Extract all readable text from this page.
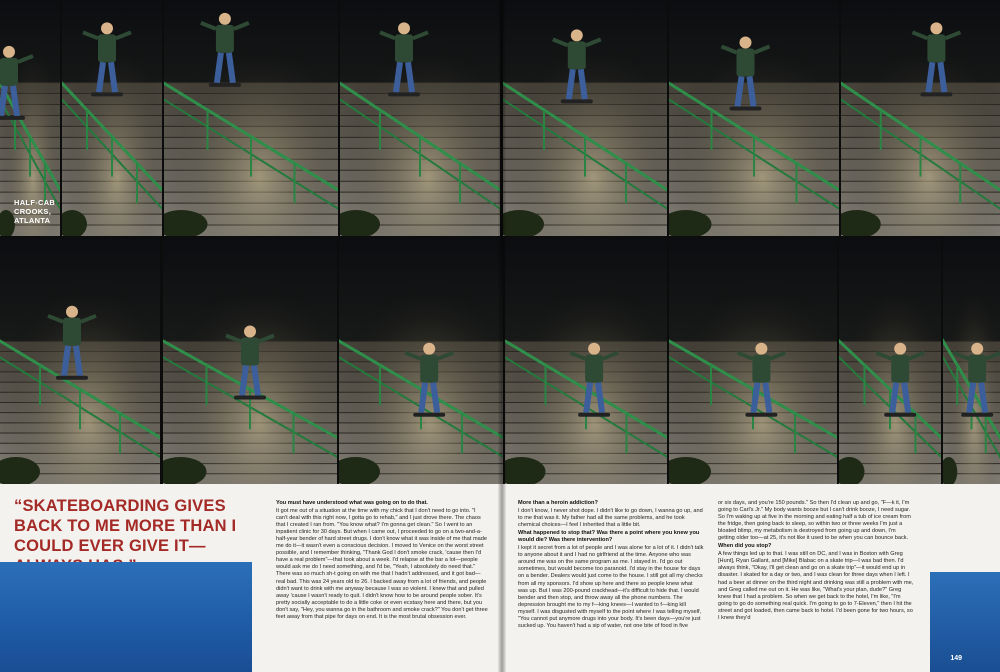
HALF-CAB
CROOKS,
ATLANTA
“SKATEBOARDING GIVES BACK TO ME MORE THAN I COULD EVER GIVE IT—

You must have understood what was going on to do that.

It got me out of a situation at the time with my chick that I don't need to go into. "I can't deal with this right now, I gotta go to rehab," and I just drove there. The chaos that I created I ran from. "You know what? I'm gonna get clean." So I went to an inpatient clinic for 30 days. But when I came out, I proceeded to go on a two-and-a-half-year bender of hard street drugs. I don't know what it was inside of me that made me do it—it wasn't even a conscious decision. I moved to Venice on the worst street possible, and I remember thinking, "Thank God I don't smoke crack, 'cause then I'd have a real problem"—that took about a week. I'd relapse at the bar a lot—people would ask me do I need something, and I'd be, "Yeah, I absolutely do need that." There was so much sh-t going on with me that I hadn't addressed, and it got bad—real bad. This was 24 years old to 26. I backed away from a lot of friends, and people didn't want to drink with me anyway because I was so violent. I knew that and pulled away 'cause I wasn't ready to quit. I didn't know how to be around people sober. It's pretty socially acceptable to do a little coke or even ecstasy here and there, but you don't say, "Hey, you wanna go in the bathroom and smoke crack?" You don't get three feet away from that pipe for days on end. It is the most brutal obsession ever.

More than a heroin addiction?

I don't know, I never shot dope. I didn't like to go down, I wanna go up, and to me that was it. My father had all the same problems, and he took chemical choices—I feel I inherited that a little bit.

What happened to stop that? Was there a point where you knew you would die? Was there intervention?

I kept it secret from a lot of people and I was alone for a lot of it. I didn't talk to anyone about it and I had no girlfriend at the time. Anyone who was around me was on the same program as me. I stayed in. I'd go out sometimes, but would become too paranoid. I'd stay in the house for days on a bender. Dealers would just come to the house. I still got all my checks from all my sponsors. I'd show up here and there so people knew what was up. But I was 200-pound crackhead—it's difficult to hide that. I would bender and then stop, and throw away all the phone numbers. The depression brought me to my f—king knees—I wanted to f—king kill myself. I was disgusted with myself to the point where I was telling myself, "You cannot put anymore drugs into your body. It's been days—you're just sucked up. You haven't had a sip of water, not one bite of food in five

or six days, and you're 150 pounds." So then I'd clean up and go, "F—k it, I'm going to Carl's Jr." My body wants booze but I can't drink booze, I need sugar. So I'm waking up at five in the morning and eating half a tub of ice cream from the fridge, then going back to sleep, so within two or three weeks I'm just a bloated blimp, my metabolism is destroyed from going up and down, I'm getting older too—at 25, it's not like it used to be when you can bounce back.

When did you stop?

A few things led up to that. I was still on DC, and I was in Boston with Greg [Hunt], Ryan Gallant, and [Mike] Blabac on a skate trip—I was bad then. I'd always think, "Okay, I'll get clean and go on a skate trip"—it would end up in disaster. I skated for a day or two, and I was clean for three days when I left. I had a beer at dinner on the third night and drinking was still a problem with me, and Greg called me out on it. He was like, "What's your plan, dude?" Greg knew that I had a problem. So when we get back to the hotel, I'm like, "I'm going to go do something real quick. I'm going to go to 7-Eleven," then I hit the street and got loaded, then came back to hotel. I'd been gone for two hours, so I knew they'd

149
